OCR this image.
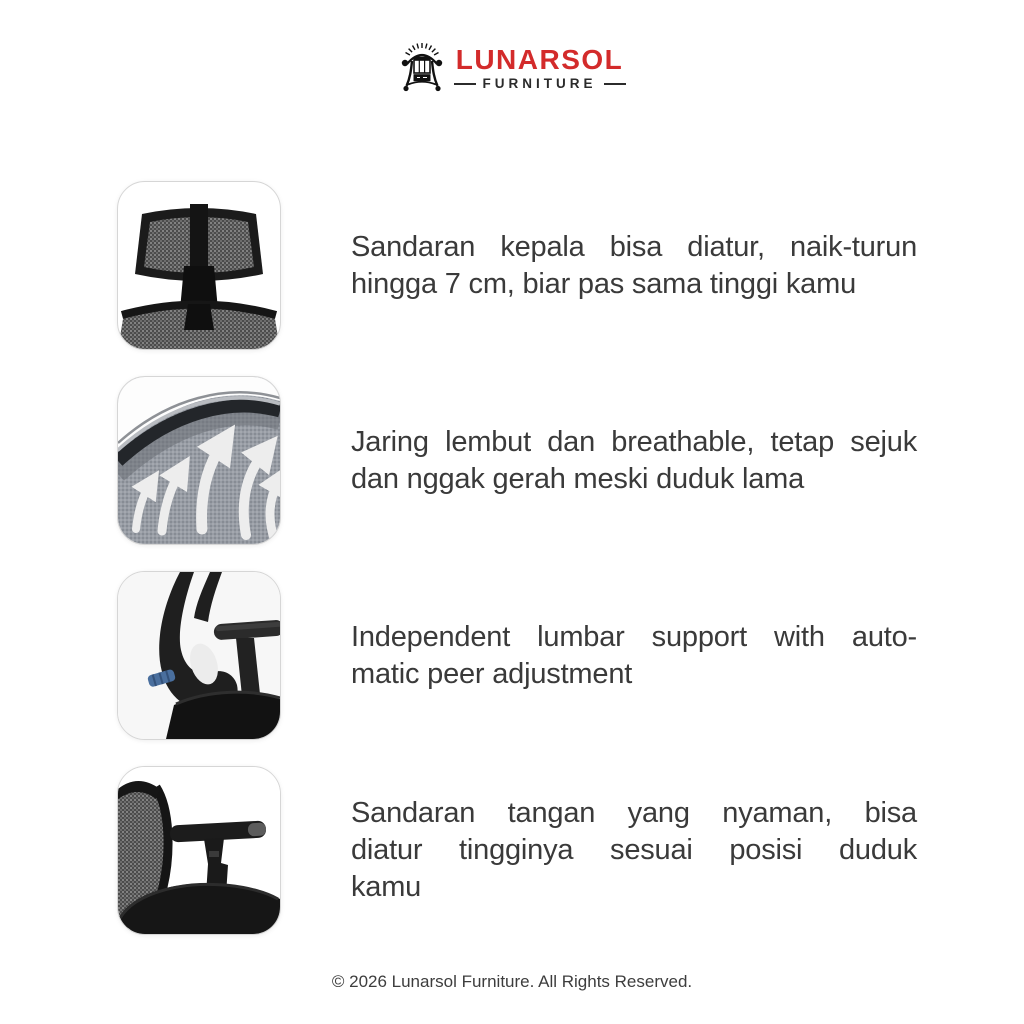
LUNARSOL
FURNITURE
Sandaran kepala bisa diatur, naik-turun
hingga 7 cm, biar pas sama tinggi kamu
Jaring lembut dan breathable, tetap sejuk
dan nggak gerah meski duduk lama
Independent lumbar support with auto-
matic peer adjustment
Sandaran tangan yang nyaman, bisa
diatur tingginya sesuai posisi duduk
kamu
© 2026 Lunarsol Furniture. All Rights Reserved.
